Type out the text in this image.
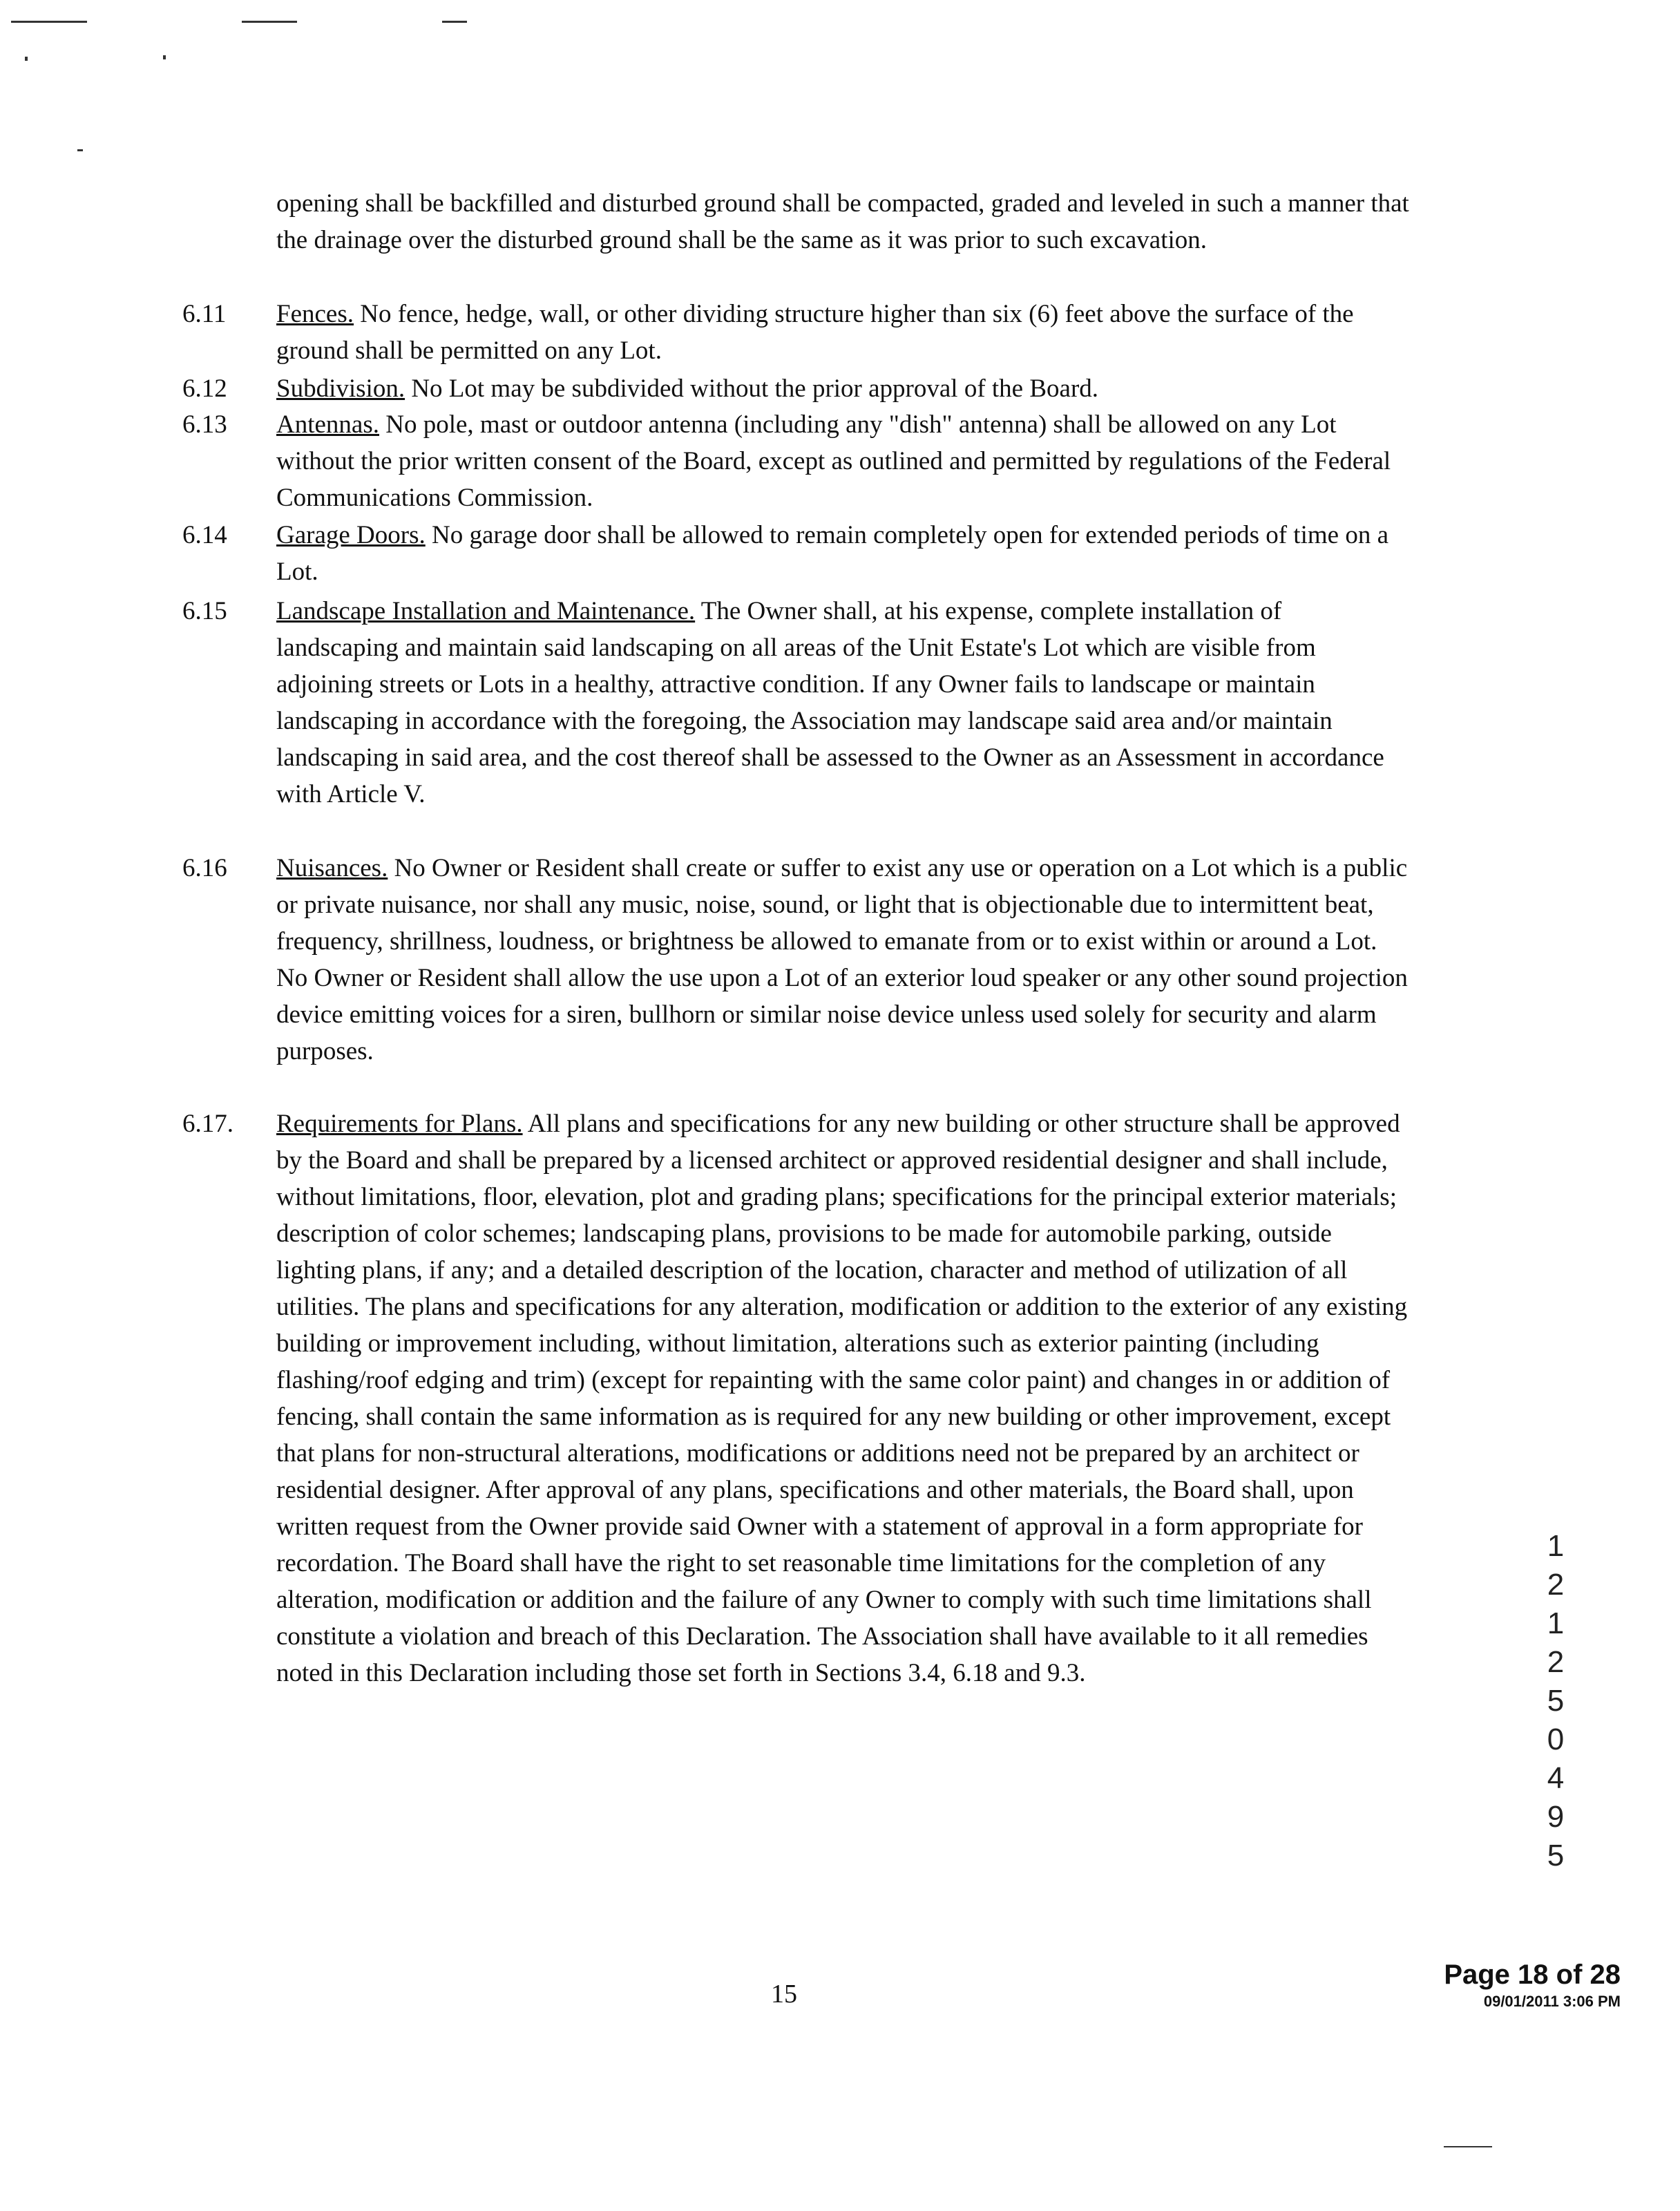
opening shall be backfilled and disturbed ground shall be compacted, graded and leveled in such a manner that the drainage over the disturbed ground shall be the same as it was prior to such excavation.
6.11	Fences. No fence, hedge, wall, or other dividing structure higher than six (6) feet above the surface of the ground shall be permitted on any Lot.
6.12	Subdivision. No Lot may be subdivided without the prior approval of the Board.
6.13	Antennas. No pole, mast or outdoor antenna (including any "dish" antenna) shall be allowed on any Lot without the prior written consent of the Board, except as outlined and permitted by regulations of the Federal Communications Commission.
6.14	Garage Doors. No garage door shall be allowed to remain completely open for extended periods of time on a Lot.
6.15	Landscape Installation and Maintenance. The Owner shall, at his expense, complete installation of landscaping and maintain said landscaping on all areas of the Unit Estate's Lot which are visible from adjoining streets or Lots in a healthy, attractive condition. If any Owner fails to landscape or maintain landscaping in accordance with the foregoing, the Association may landscape said area and/or maintain landscaping in said area, and the cost thereof shall be assessed to the Owner as an Assessment in accordance with Article V.
6.16	Nuisances. No Owner or Resident shall create or suffer to exist any use or operation on a Lot which is a public or private nuisance, nor shall any music, noise, sound, or light that is objectionable due to intermittent beat, frequency, shrillness, loudness, or brightness be allowed to emanate from or to exist within or around a Lot. No Owner or Resident shall allow the use upon a Lot of an exterior loud speaker or any other sound projection device emitting voices for a siren, bullhorn or similar noise device unless used solely for security and alarm purposes.
6.17.	Requirements for Plans. All plans and specifications for any new building or other structure shall be approved by the Board and shall be prepared by a licensed architect or approved residential designer and shall include, without limitations, floor, elevation, plot and grading plans; specifications for the principal exterior materials; description of color schemes; landscaping plans, provisions to be made for automobile parking, outside lighting plans, if any; and a detailed description of the location, character and method of utilization of all utilities. The plans and specifications for any alteration, modification or addition to the exterior of any existing building or improvement including, without limitation, alterations such as exterior painting (including flashing/roof edging and trim) (except for repainting with the same color paint) and changes in or addition of fencing, shall contain the same information as is required for any new building or other improvement, except that plans for non-structural alterations, modifications or additions need not be prepared by an architect or residential designer. After approval of any plans, specifications and other materials, the Board shall, upon written request from the Owner provide said Owner with a statement of approval in a form appropriate for recordation. The Board shall have the right to set reasonable time limitations for the completion of any alteration, modification or addition and the failure of any Owner to comply with such time limitations shall constitute a violation and breach of this Declaration. The Association shall have available to it all remedies noted in this Declaration including those set forth in Sections 3.4, 6.18 and 9.3.
1
2
1
2
5
0
4
9
5
15
Page 18 of 28
09/01/2011 3:06 PM
